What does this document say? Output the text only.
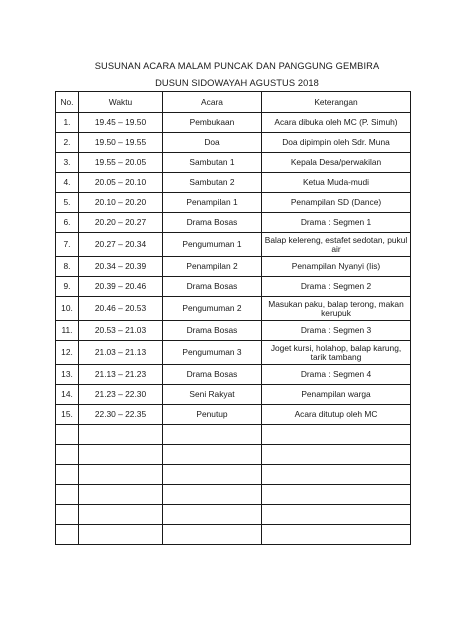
SUSUNAN ACARA MALAM PUNCAK DAN PANGGUNG GEMBIRA
DUSUN SIDOWAYAH AGUSTUS 2018
No.	Waktu	Acara	Keterangan
1.	19.45 – 19.50	Pembukaan	Acara dibuka oleh MC (P. Simuh)
2.	19.50 – 19.55	Doa	Doa dipimpin oleh Sdr. Muna
3.	19.55 – 20.05	Sambutan 1	Kepala Desa/perwakilan
4.	20.05 – 20.10	Sambutan 2	Ketua Muda-mudi
5.	20.10 – 20.20	Penampilan 1	Penampilan SD (Dance)
6.	20.20 – 20.27	Drama Bosas	Drama : Segmen 1
7.	20.27 – 20.34	Pengumuman 1	Balap kelereng, estafet sedotan, pukul air
8.	20.34 – 20.39	Penampilan 2	Penampilan Nyanyi (Iis)
9.	20.39 – 20.46	Drama Bosas	Drama : Segmen 2
10.	20.46 – 20.53	Pengumuman 2	Masukan paku, balap terong, makan kerupuk
11.	20.53 – 21.03	Drama Bosas	Drama : Segmen 3
12.	21.03 – 21.13	Pengumuman 3	Joget kursi, holahop, balap karung, tarik tambang
13.	21.13 – 21.23	Drama Bosas	Drama : Segmen 4
14.	21.23 – 22.30	Seni Rakyat	Penampilan warga
15.	22.30 – 22.35	Penutup	Acara ditutup oleh MC
